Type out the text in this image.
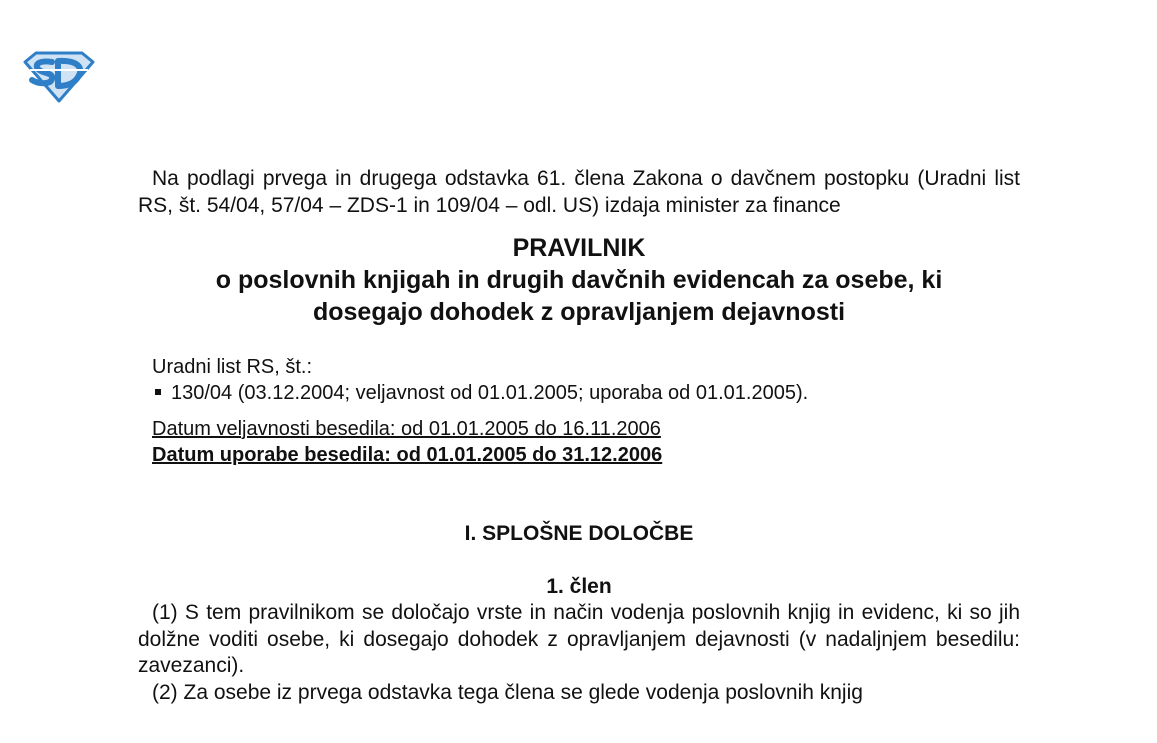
Na podlagi prvega in drugega odstavka 61. člena Zakona o davčnem postopku (Uradni list RS, št. 54/04, 57/04 – ZDS-1 in 109/04 – odl. US) izdaja minister za finance

PRAVILNIK

o poslovnih knjigah in drugih davčnih evidencah za osebe, ki

dosegajo dohodek z opravljanjem dejavnosti

Uradni list RS, št.:
130/04 (03.12.2004; veljavnost od 01.01.2005; uporaba od 01.01.2005).
Datum veljavnosti besedila: od 01.01.2005 do 16.11.2006
Datum uporabe besedila: od 01.01.2005 do 31.12.2006
I. SPLOŠNE DOLOČBE
1. člen

(1) S tem pravilnikom se določajo vrste in način vodenja poslovnih knjig in evidenc, ki so jih dolžne voditi osebe, ki dosegajo dohodek z opravljanjem dejavnosti (v nadaljnjem besedilu: zavezanci).

(2) Za osebe iz prvega odstavka tega člena se glede vodenja poslovnih knjig
